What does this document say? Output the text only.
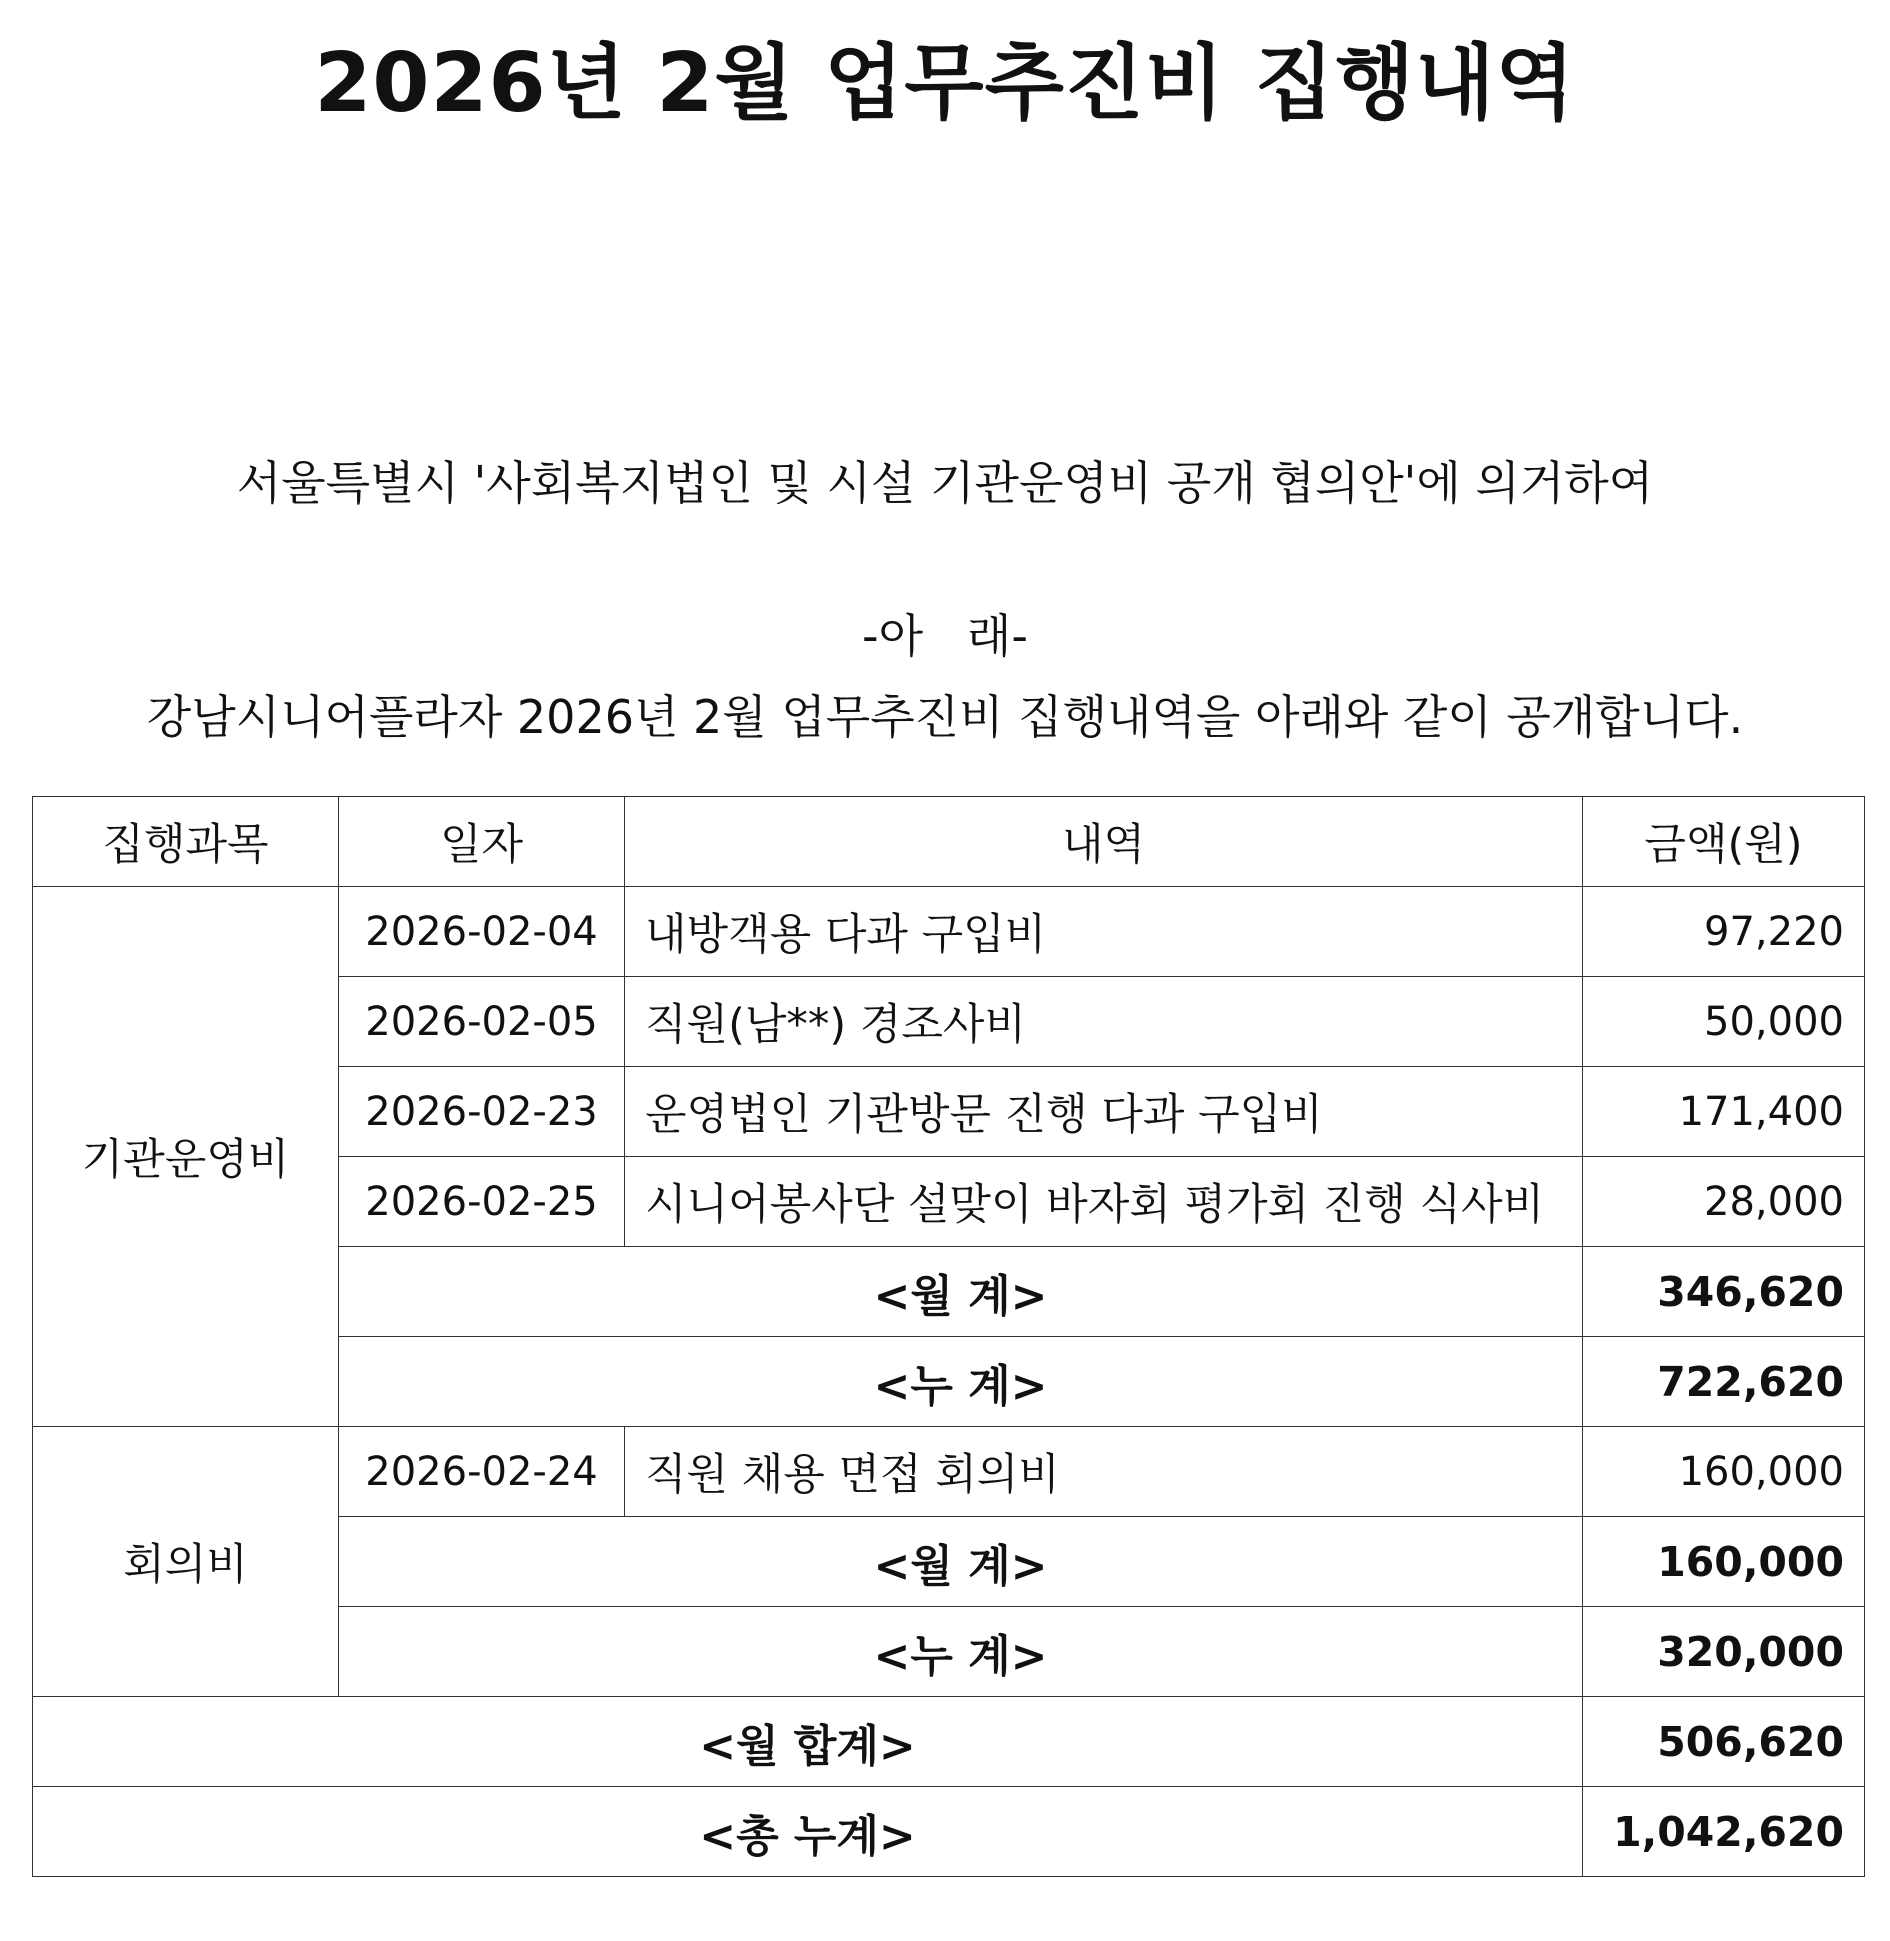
2026년 2월 업무추진비 집행내역

서울특별시 '사회복지법인 및 시설 기관운영비 공개 협의안'에 의거하여

강남시니어플라자 2026년 2월 업무추진비 집행내역을 아래와 같이 공개합니다.

-아   래-
집행과목	일자	내역	금액(원)
기관운영비	2026-02-04	내방객용 다과 구입비	97,220
	2026-02-05	직원(남**) 경조사비	50,000
	2026-02-23	운영법인 기관방문 진행 다과 구입비	171,400
	2026-02-25	시니어봉사단 설맞이 바자회 평가회 진행 식사비	28,000
	<월 계>		346,620
	<누 계>		722,620
회의비	2026-02-24	직원 채용 면접 회의비	160,000
	<월 계>		160,000
	<누 계>		320,000
<월 합계>			506,620
<총 누계>			1,042,620
